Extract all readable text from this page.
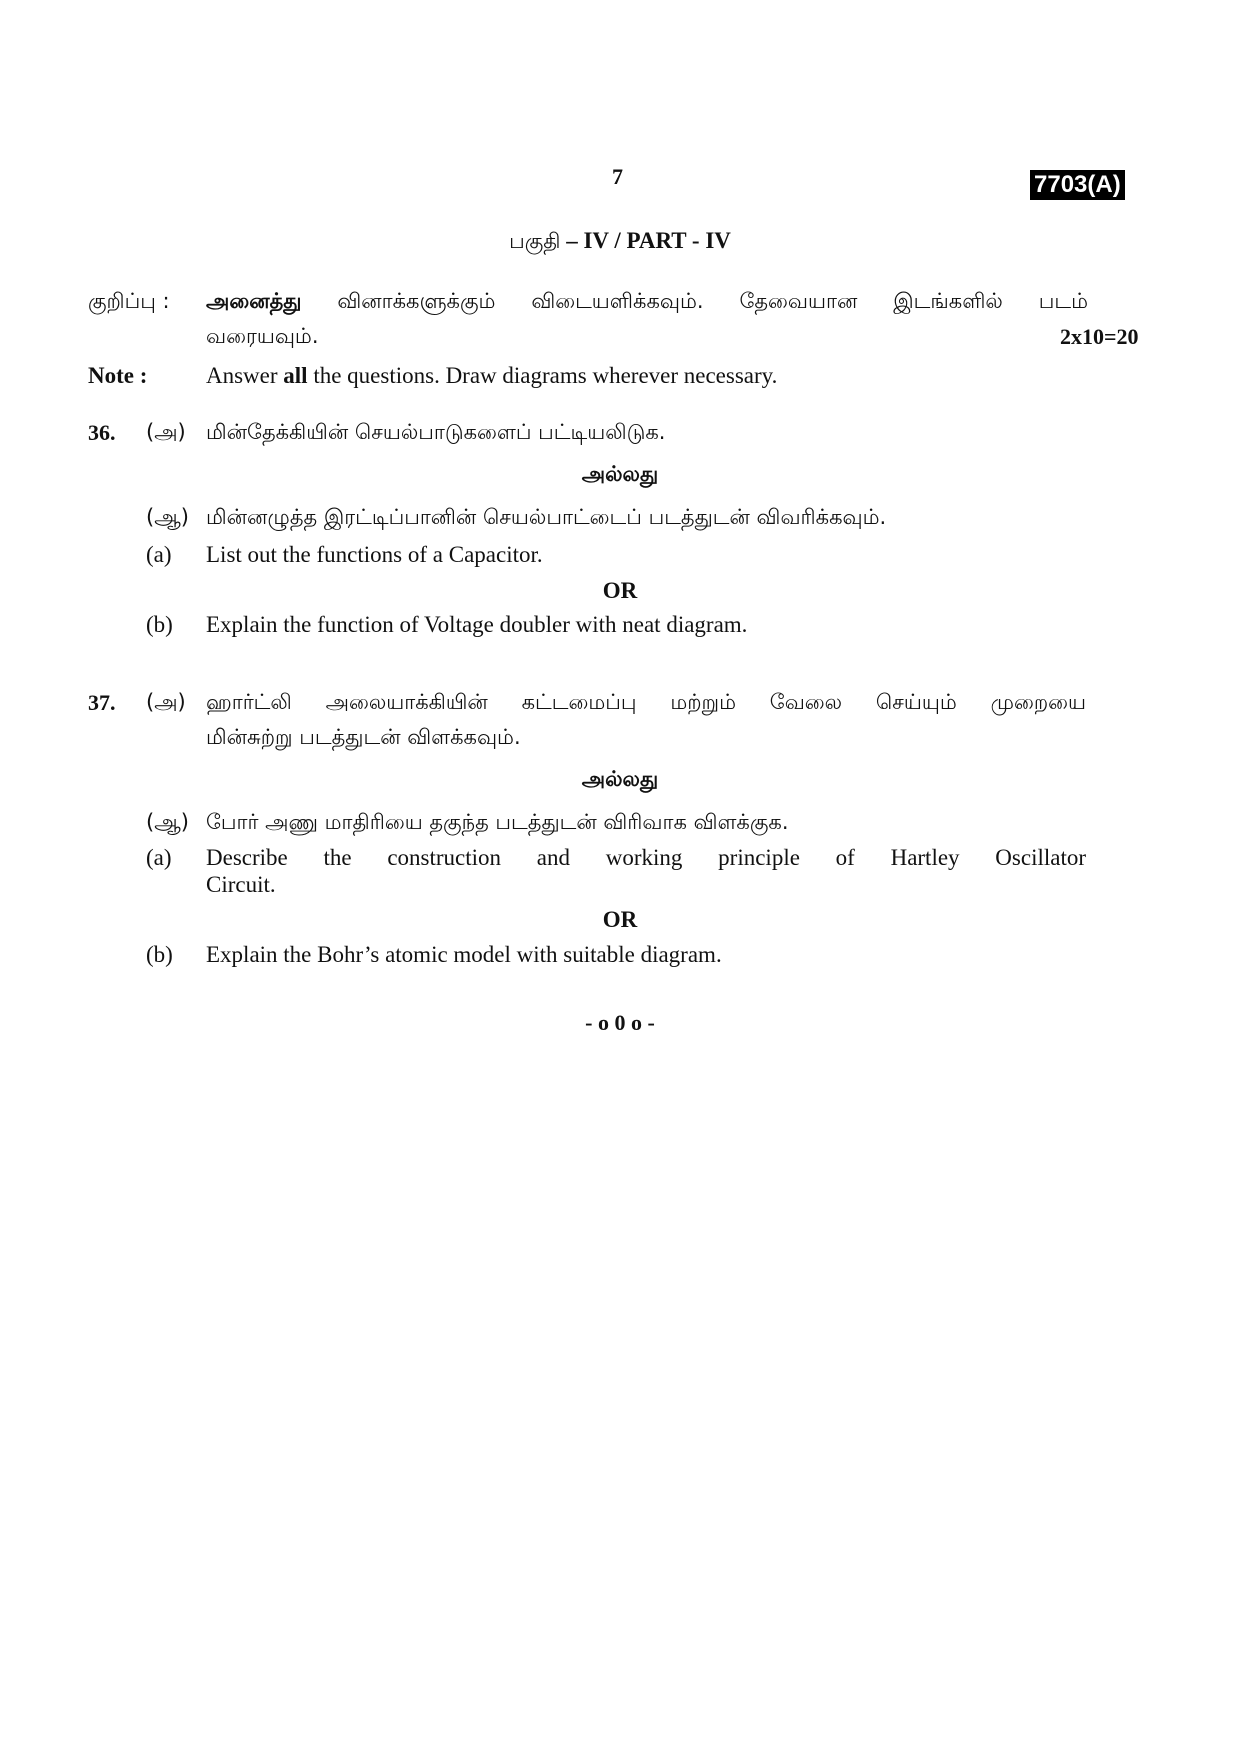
7	7703(A)
பகுதி – IV / PART - IV
குறிப்பு : அனைத்து வினாக்களுக்கும் விடையளிக்கவும். தேவையான இடங்களில் படம்
வரையவும்.	2x10=20
Note :	Answer all the questions. Draw diagrams wherever necessary.
36. (அ) மின்தேக்கியின் செயல்பாடுகளைப் பட்டியலிடுக.
அல்லது
(ஆ) மின்னழுத்த இரட்டிப்பானின் செயல்பாட்டைப் படத்துடன் விவரிக்கவும்.
(a) List out the functions of a Capacitor.
OR
(b) Explain the function of Voltage doubler with neat diagram.
37. (அ) ஹார்ட்லி அலையாக்கியின் கட்டமைப்பு மற்றும் வேலை செய்யும் முறையை
மின்சுற்று படத்துடன் விளக்கவும்.
அல்லது
(ஆ) போர் அணு மாதிரியை தகுந்த படத்துடன் விரிவாக விளக்குக.
(a) Describe the construction and working principle of Hartley Oscillator
Circuit.
OR
(b) Explain the Bohr’s atomic model with suitable diagram.
- o 0 o -
